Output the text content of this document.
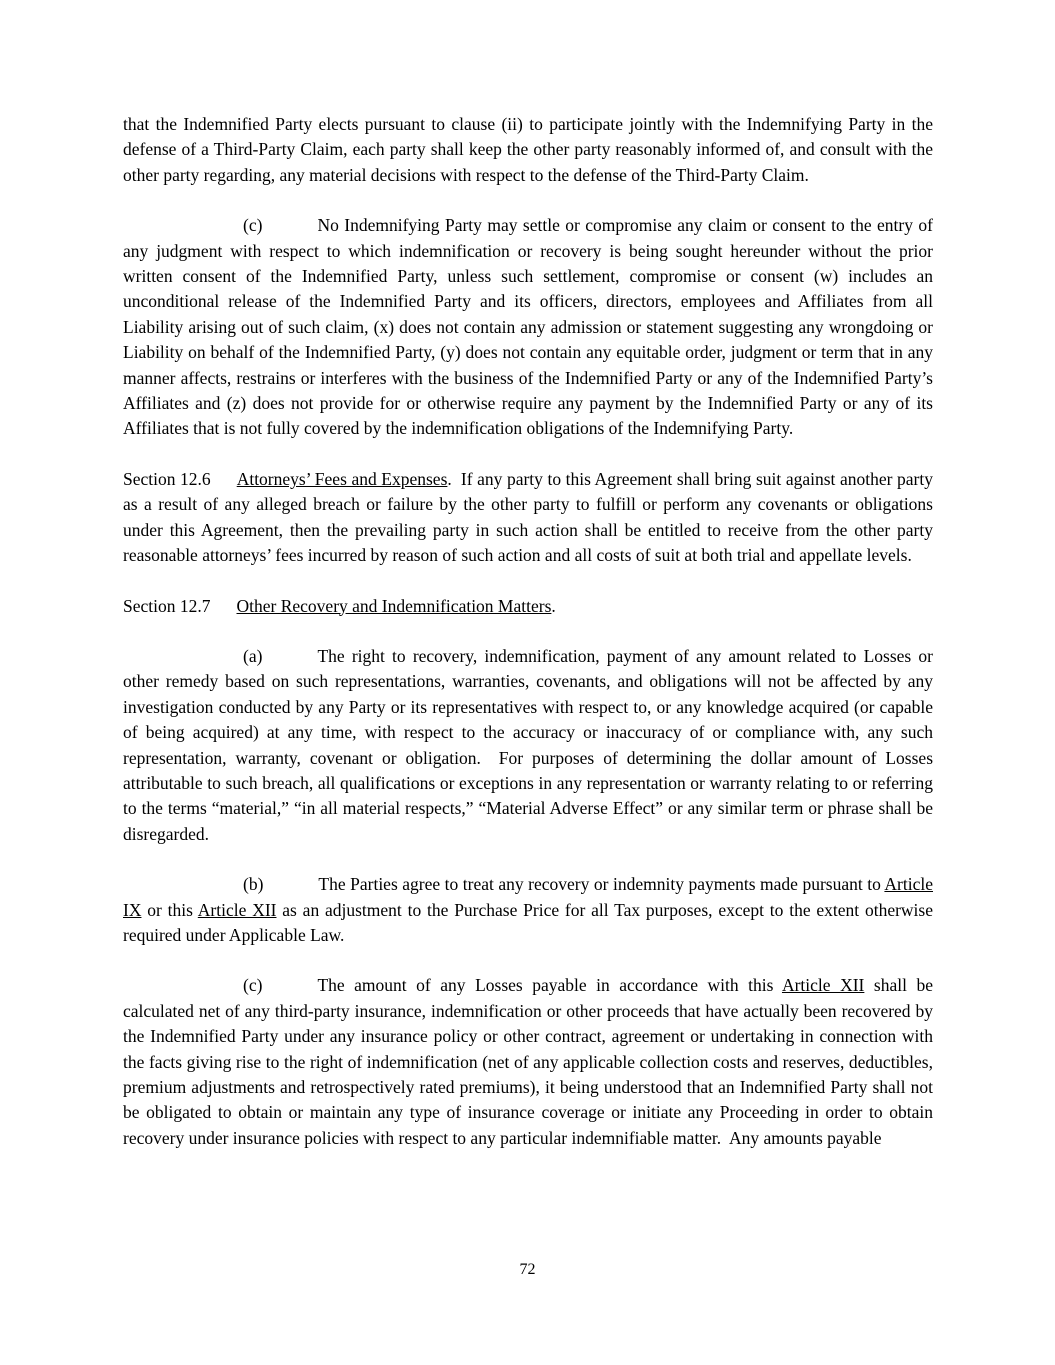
that the Indemnified Party elects pursuant to clause (ii) to participate jointly with the Indemnifying Party in the defense of a Third-Party Claim, each party shall keep the other party reasonably informed of, and consult with the other party regarding, any material decisions with respect to the defense of the Third-Party Claim.

(c)	No Indemnifying Party may settle or compromise any claim or consent to the entry of any judgment with respect to which indemnification or recovery is being sought hereunder without the prior written consent of the Indemnified Party, unless such settlement, compromise or consent (w) includes an unconditional release of the Indemnified Party and its officers, directors, employees and Affiliates from all Liability arising out of such claim, (x) does not contain any admission or statement suggesting any wrongdoing or Liability on behalf of the Indemnified Party, (y) does not contain any equitable order, judgment or term that in any manner affects, restrains or interferes with the business of the Indemnified Party or any of the Indemnified Party’s Affiliates and (z) does not provide for or otherwise require any payment by the Indemnified Party or any of its Affiliates that is not fully covered by the indemnification obligations of the Indemnifying Party.

Section 12.6 Attorneys’ Fees and Expenses.  If any party to this Agreement shall bring suit against another party as a result of any alleged breach or failure by the other party to fulfill or perform any covenants or obligations under this Agreement, then the prevailing party in such action shall be entitled to receive from the other party reasonable attorneys’ fees incurred by reason of such action and all costs of suit at both trial and appellate levels.

Section 12.7 Other Recovery and Indemnification Matters.

(a)	The right to recovery, indemnification, payment of any amount related to Losses or other remedy based on such representations, warranties, covenants, and obligations will not be affected by any investigation conducted by any Party or its representatives with respect to, or any knowledge acquired (or capable of being acquired) at any time, with respect to the accuracy or inaccuracy of or compliance with, any such representation, warranty, covenant or obligation.  For purposes of determining the dollar amount of Losses attributable to such breach, all qualifications or exceptions in any representation or warranty relating to or referring to the terms “material,” “in all material respects,” “Material Adverse Effect” or any similar term or phrase shall be disregarded.

(b)	The Parties agree to treat any recovery or indemnity payments made pursuant to Article IX or this Article XII as an adjustment to the Purchase Price for all Tax purposes, except to the extent otherwise required under Applicable Law.

(c)	The amount of any Losses payable in accordance with this Article XII shall be calculated net of any third-party insurance, indemnification or other proceeds that have actually been recovered by the Indemnified Party under any insurance policy or other contract, agreement or undertaking in connection with the facts giving rise to the right of indemnification (net of any applicable collection costs and reserves, deductibles, premium adjustments and retrospectively rated premiums), it being understood that an Indemnified Party shall not be obligated to obtain or maintain any type of insurance coverage or initiate any Proceeding in order to obtain recovery under insurance policies with respect to any particular indemnifiable matter.  Any amounts payable

72
